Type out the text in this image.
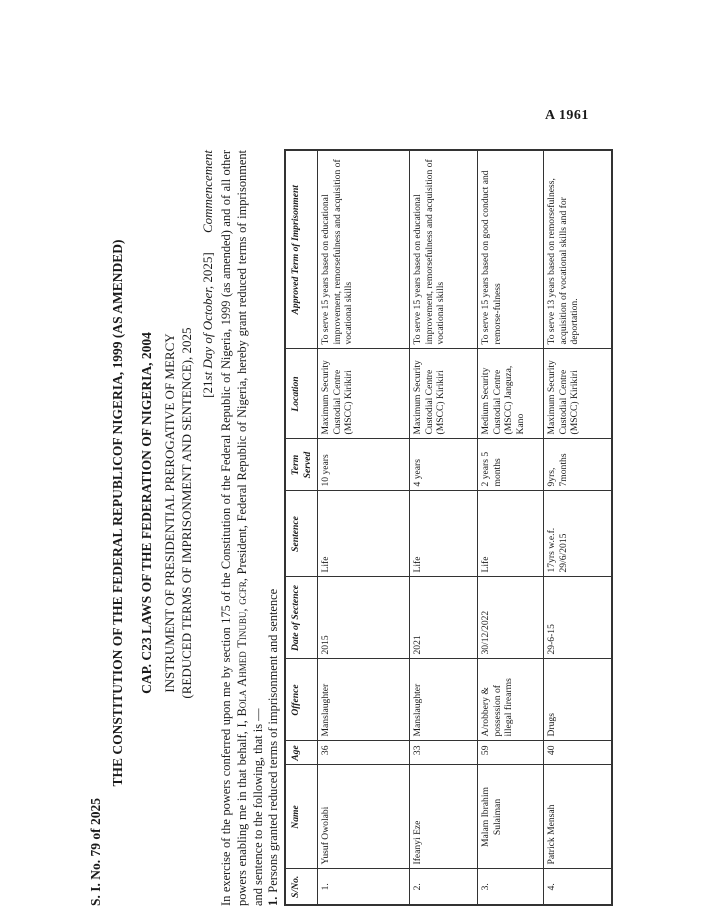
A 1961
S. I. No. 79 of 2025
THE CONSTITUTION OF THE FEDERAL REPUBLICOF NIGERIA, 1999 (AS AMENDED) CAP. C23 LAWS OF THE FEDERATION OF NIGERIA, 2004 INSTRUMENT OF PRESIDENTIAL PREROGATIVE OF MERCY (REDUCED TERMS OF IMPRISONMENT AND SENTENCE), 2025 [21st Day of October, 2025] Commencement In exercise of the powers conferred upon me by section 175 of the Constitution of the Federal Republic of Nigeria, 1999 (as amended) and of all other powers enabling me in that behalf, I, Bola Ahmed Tinubu, gcfr, President, Federal Republic of Nigeria, hereby grant reduced terms of imprisonment and sentence to the following, that is — 1.Persons granted reduced terms of imprisonment and sentence S/No.	Name	Age	Offence	Date of Sectence	Sentence	Term Served	Location	Approved Term of Imprisonment
1.	Yusuf Owolabi	36	Manslaughter	2015	Life	10 years	Maximum Security Custodial Centre (MSCC) Kirikiri	To serve 15 years based on educational improvement, remorsefulness and acquisition of vocational skills
2.	Ifeanyi Eze	33	Manslaughter	2021	Life	4 years	Maximum Security Custodial Centre (MSCC) Kirikiri	To serve 15 years based on educational improvement, remorsefulness and acquisition of vocational skills
3.	Malam Ibrahim Sulaiman	59	A/robbery & possession of illegal firearms	30/12/2022	Life	2 years 5 months	Medium Security Custodial Centre (MSCC) Janguza, Kano	To serve 15 years based on good conduct and remorse-fulness
4.	Patrick Mensah	40	Drugs	29-6-15	17yrs w.e.f. 29/6/2015	9yrs, 7months	Maximum Security Custodial Centre (MSCC) Kirikiri	To serve 13 years based on remorsefulness, acquisition of vocational skills and for deportation.
